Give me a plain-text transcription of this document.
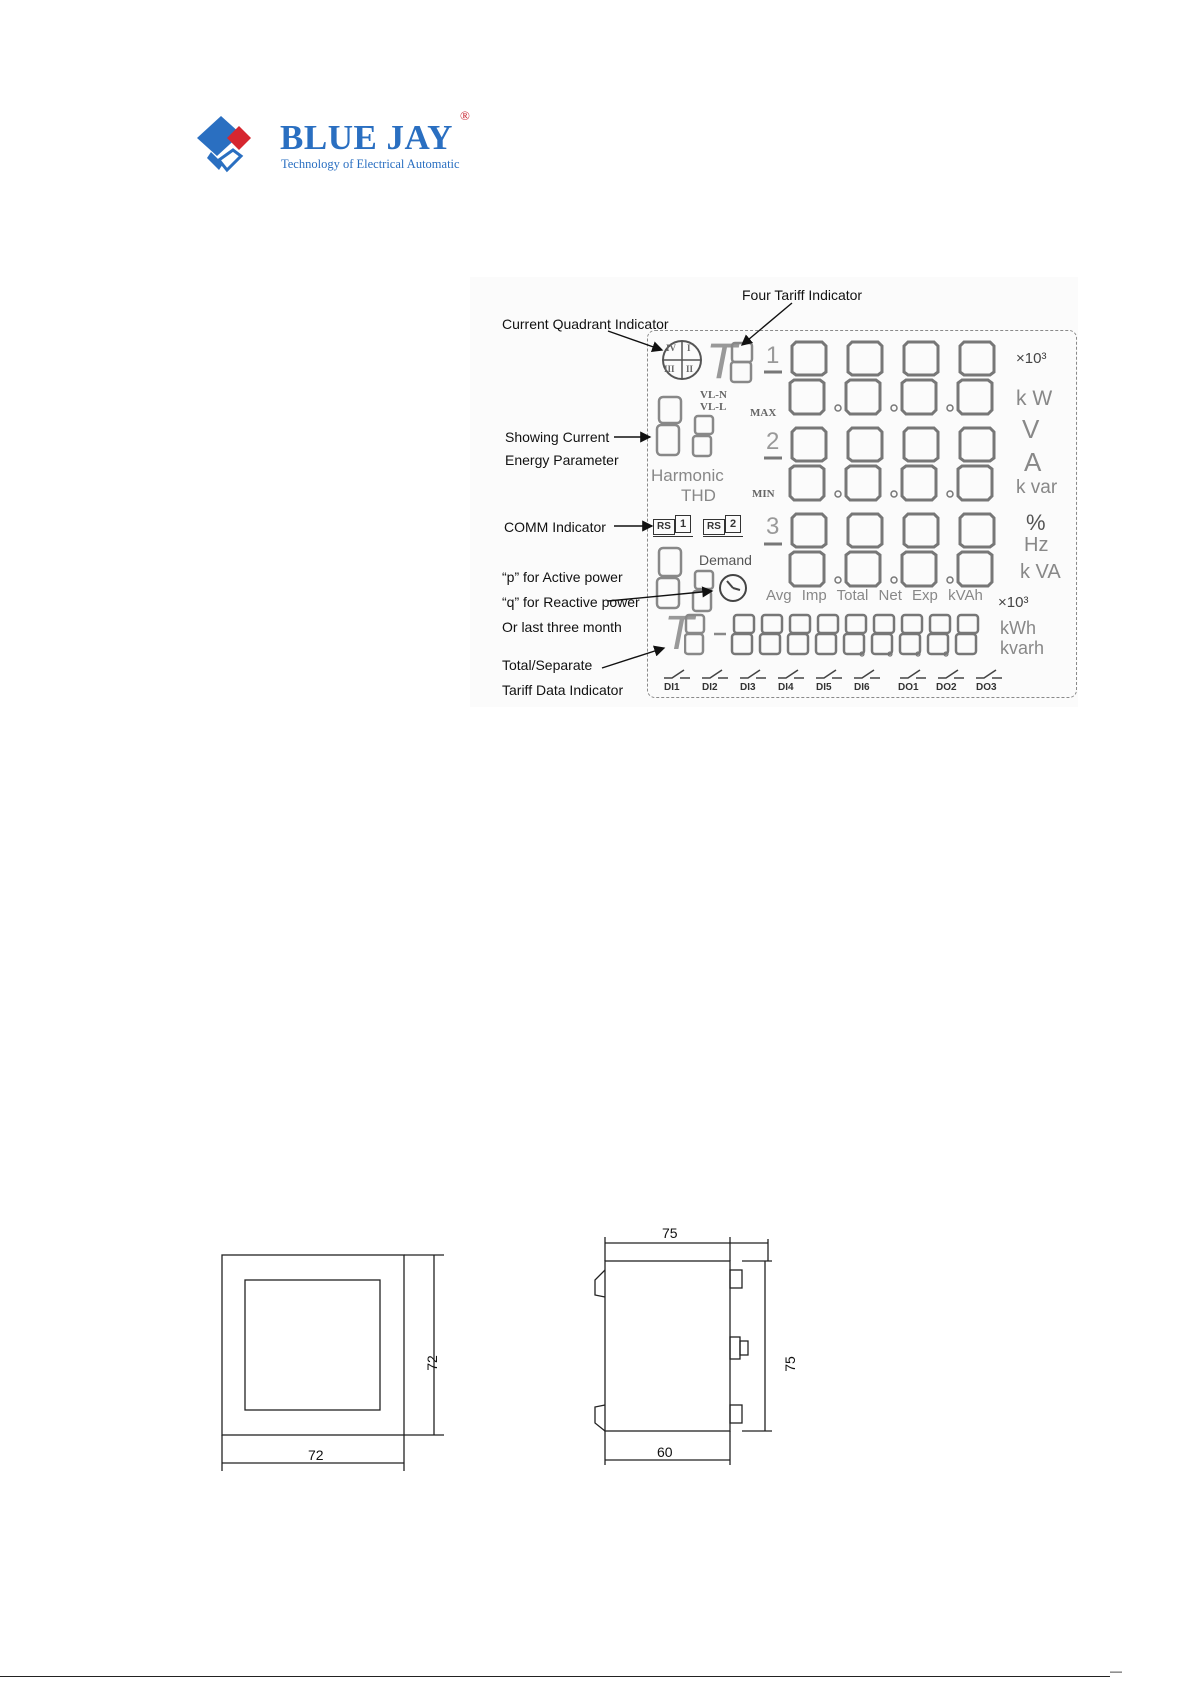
BLUE JAY
®
Technology of Electrical Automatic
IV I
III II T 1
2
3
MAX
MIN
VL-N
VL-L
Harmonic
THD
RS 1	RS 2
Demand
×10³
k W
V
A
k var
%
Hz
k VA
Avg Imp Total Net Exp kVAh ×10³
T	kWh
kvarh
DI1 DI2 DI3 DI4 DI5 DI6	DO1 DO2 DO3
Four Tariff Indicator
Current Quadrant Indicator
Showing Current
Energy Parameter
COMM Indicator
“p” for Active power
“q” for Reactive power
Or last three month
Total/Separate
Tariff Data Indicator
72
72
75
75
60
—
